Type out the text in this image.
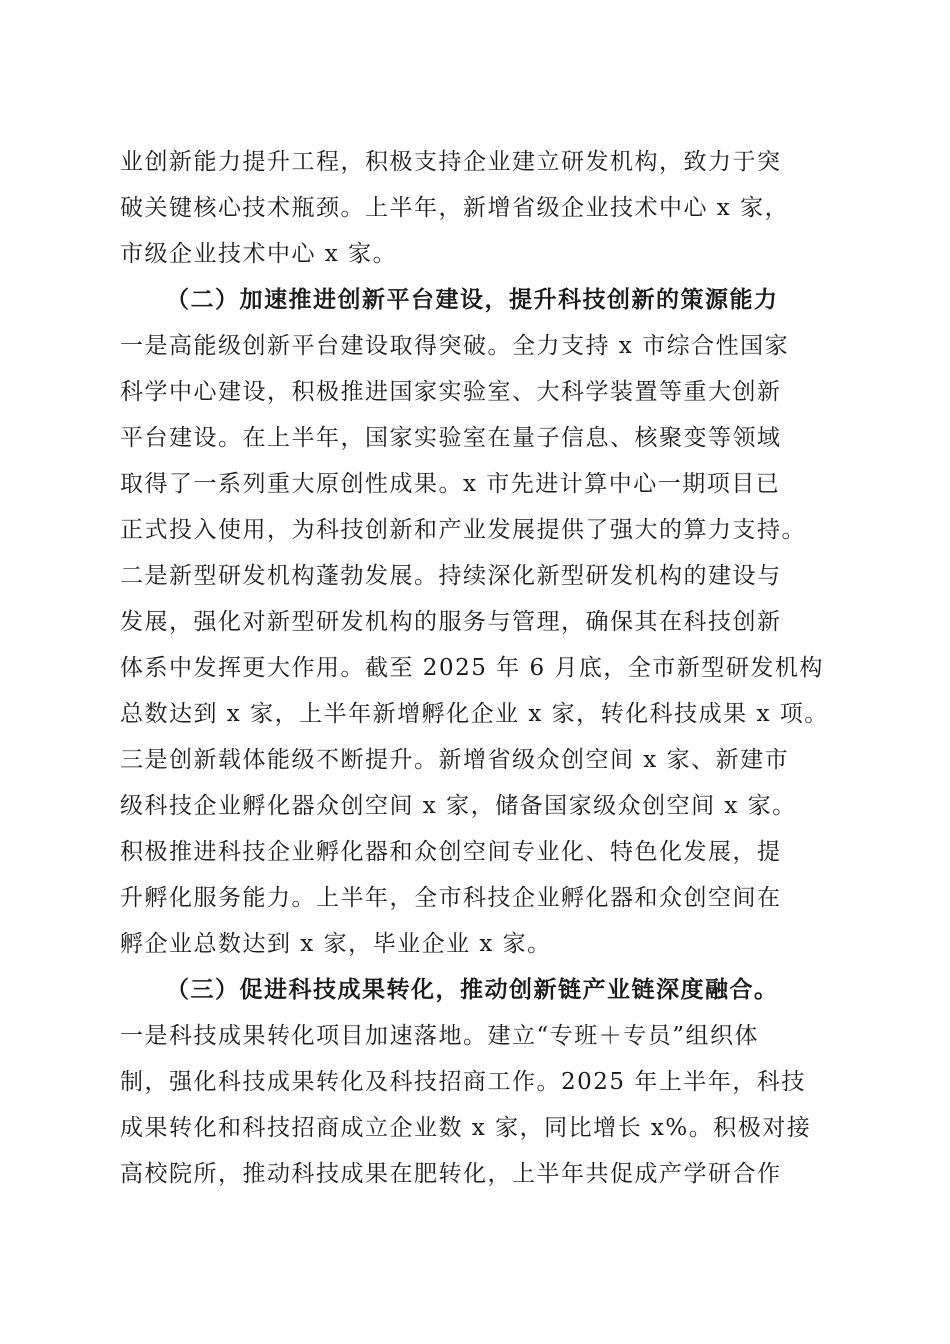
业创新能力提升工程，积极支持企业建立研发机构，致力于突
破关键核心技术瓶颈。上半年，新增省级企业技术中心 x 家，
市级企业技术中心 x 家。
（二）加速推进创新平台建设，提升科技创新的策源能力
一是高能级创新平台建设取得突破。全力支持 x 市综合性国家
科学中心建设，积极推进国家实验室、大科学装置等重大创新
平台建设。在上半年，国家实验室在量子信息、核聚变等领域
取得了一系列重大原创性成果。x 市先进计算中心一期项目已
正式投入使用，为科技创新和产业发展提供了强大的算力支持。
二是新型研发机构蓬勃发展。持续深化新型研发机构的建设与
发展，强化对新型研发机构的服务与管理，确保其在科技创新
体系中发挥更大作用。截至 2025 年 6 月底，全市新型研发机构
总数达到 x 家，上半年新增孵化企业 x 家，转化科技成果 x 项。
三是创新载体能级不断提升。新增省级众创空间 x 家、新建市
级科技企业孵化器众创空间 x 家，储备国家级众创空间 x 家。
积极推进科技企业孵化器和众创空间专业化、特色化发展，提
升孵化服务能力。上半年，全市科技企业孵化器和众创空间在
孵企业总数达到 x 家，毕业企业 x 家。
（三）促进科技成果转化，推动创新链产业链深度融合。
一是科技成果转化项目加速落地。建立“专班＋专员”组织体
制，强化科技成果转化及科技招商工作。2025 年上半年，科技
成果转化和科技招商成立企业数 x 家，同比增长 x%。积极对接
高校院所，推动科技成果在肥转化，上半年共促成产学研合作
